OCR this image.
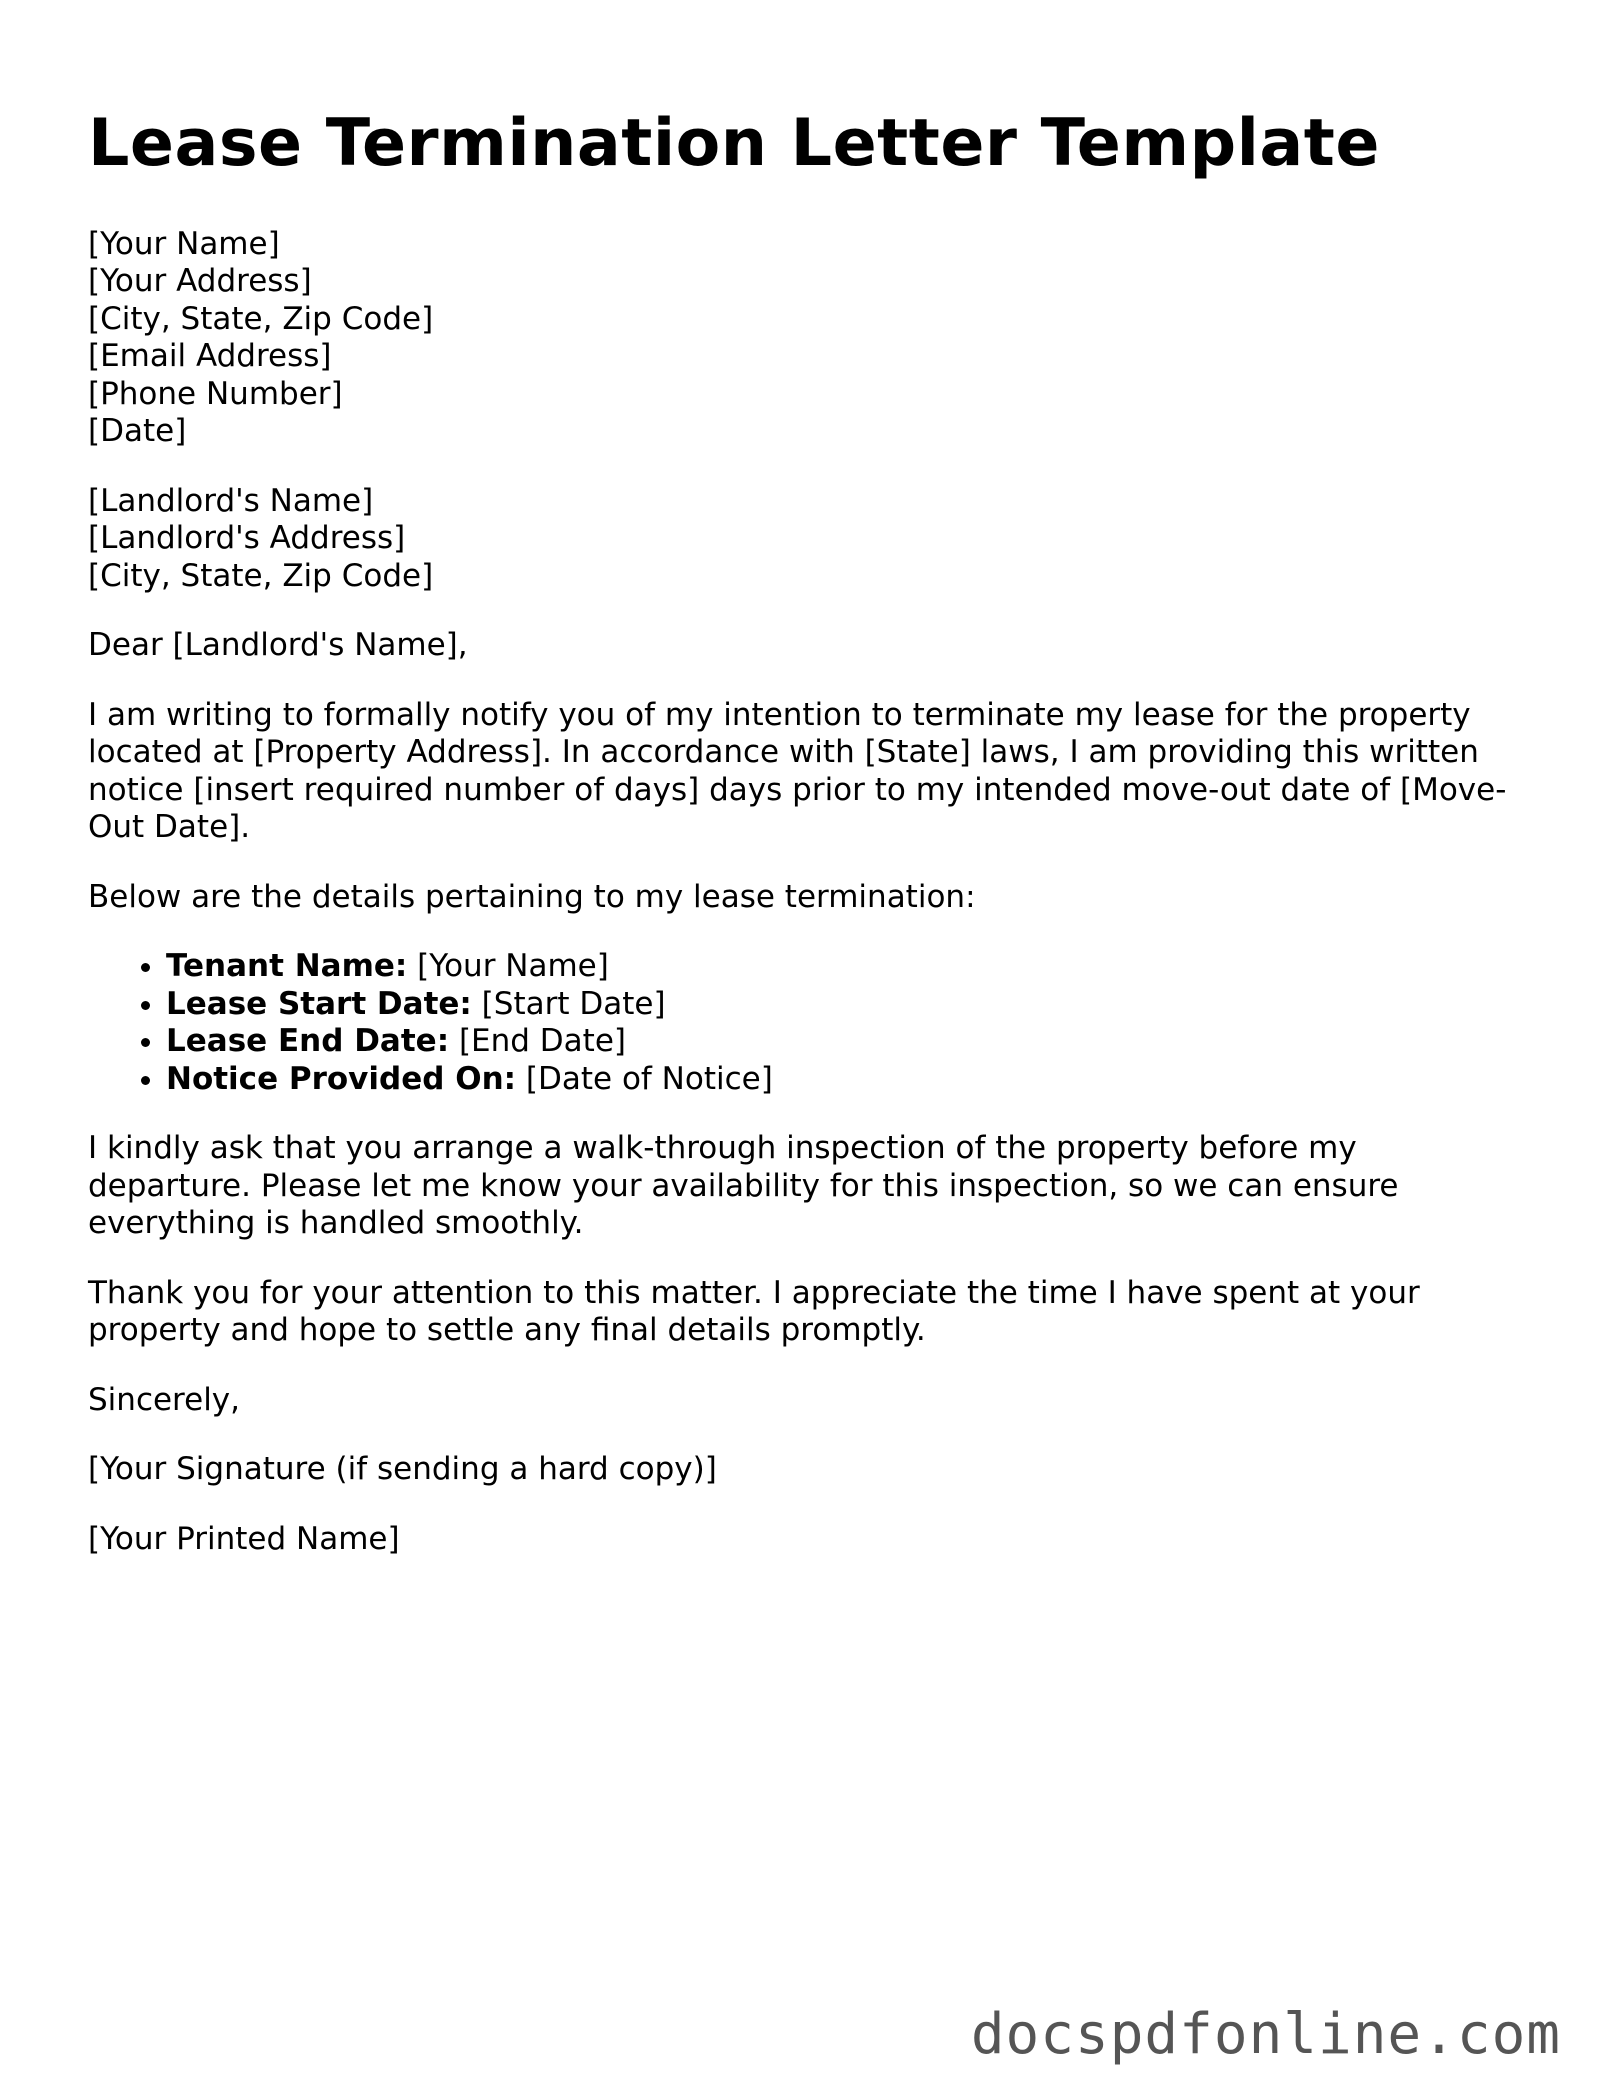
Lease Termination Letter Template
[Your Name]
[Your Address]
[City, State, Zip Code]
[Email Address]
[Phone Number]
[Date]
[Landlord's Name]
[Landlord's Address]
[City, State, Zip Code]

Dear [Landlord's Name],

I am writing to formally notify you of my intention to terminate my lease for the property located at [Property Address]. In accordance with [State] laws, I am providing this written notice [insert required number of days] days prior to my intended move-out date of [Move-Out Date].

Below are the details pertaining to my lease termination:

• Tenant Name: [Your Name]
• Lease Start Date: [Start Date]
• Lease End Date: [End Date]
• Notice Provided On: [Date of Notice]

I kindly ask that you arrange a walk-through inspection of the property before my departure. Please let me know your availability for this inspection, so we can ensure everything is handled smoothly.

Thank you for your attention to this matter. I appreciate the time I have spent at your property and hope to settle any final details promptly.

Sincerely,

[Your Signature (if sending a hard copy)]

[Your Printed Name]

docspdfonline.com
